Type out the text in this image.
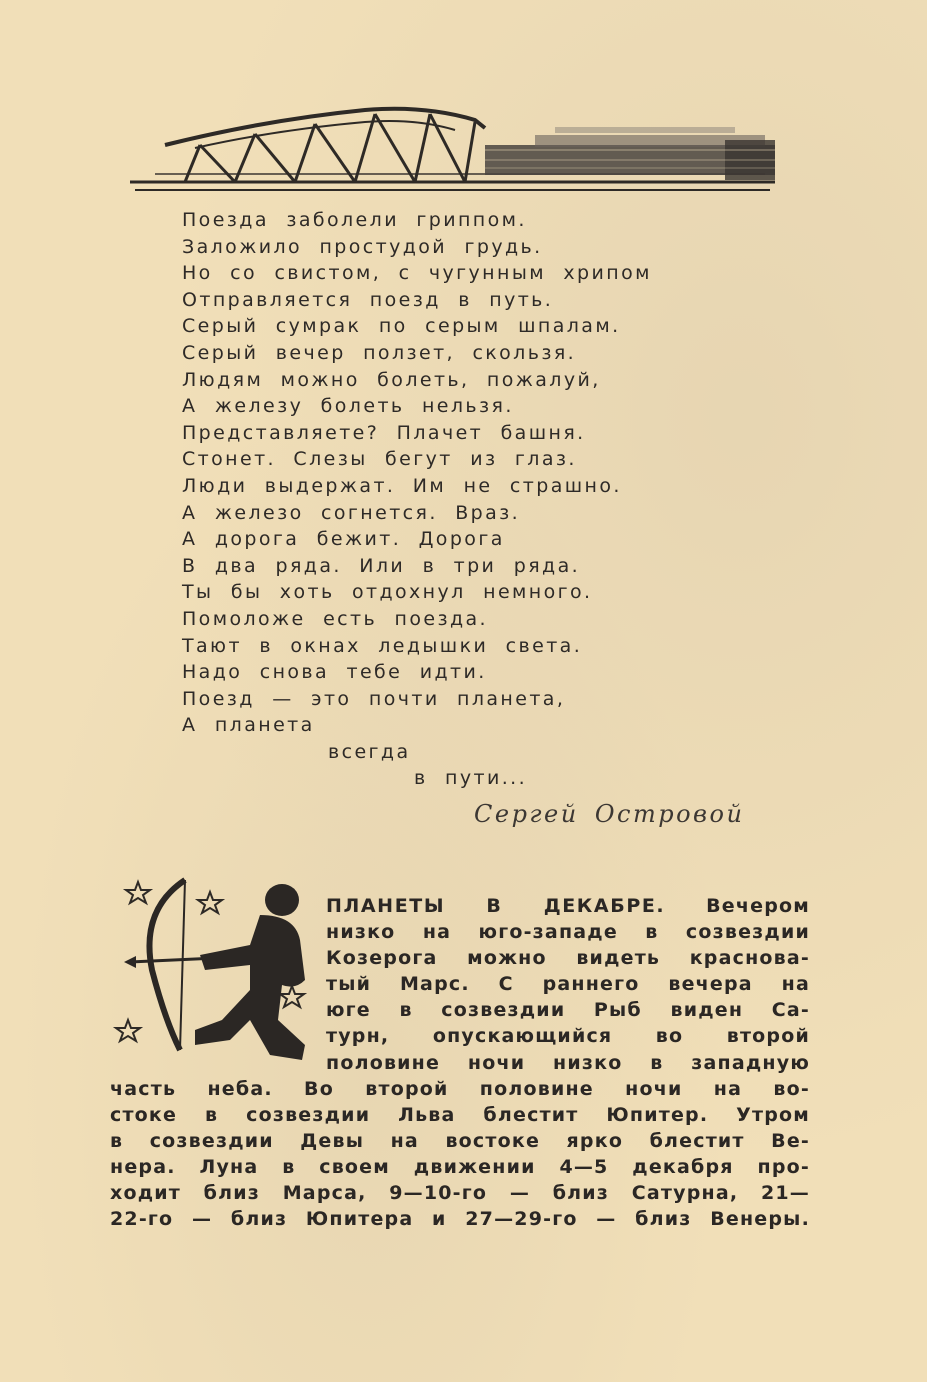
Поезда заболели гриппом.
Заложило простудой грудь.
Но со свистом, с чугунным хрипом
Отправляется поезд в путь.
Серый сумрак по серым шпалам.
Серый вечер ползет, скользя.
Людям можно болеть, пожалуй,
А железу болеть нельзя.
Представляете? Плачет башня.
Стонет. Слезы бегут из глаз.
Люди выдержат. Им не страшно.
А железо согнется. Враз.
А дорога бежит. Дорога
В два ряда. Или в три ряда.
Ты бы хоть отдохнул немного.
Помоложе есть поезда.
Тают в окнах ледышки света.
Надо снова тебе идти.
Поезд — это почти планета,
А планета
всегда
в пути...
Сергей Островой
ПЛАНЕТЫ В ДЕКАБРЕ. Вечером
низко на юго-западе в созвездии
Козерога можно видеть красновa-
тый Марс. С раннего вечера на
юге в созвездии Рыб виден Са-
турн, опускающийся во второй
половине ночи низко в западную
часть неба. Во второй половине ночи на во-
стоке в созвездии Льва блестит Юпитер. Утром
в созвездии Девы на востоке ярко блестит Ве-
нера. Луна в своем движении 4—5 декабря про-
ходит близ Марса, 9—10-го — близ Сатурна, 21—
22-го — близ Юпитера и 27—29-го — близ Венеры.
